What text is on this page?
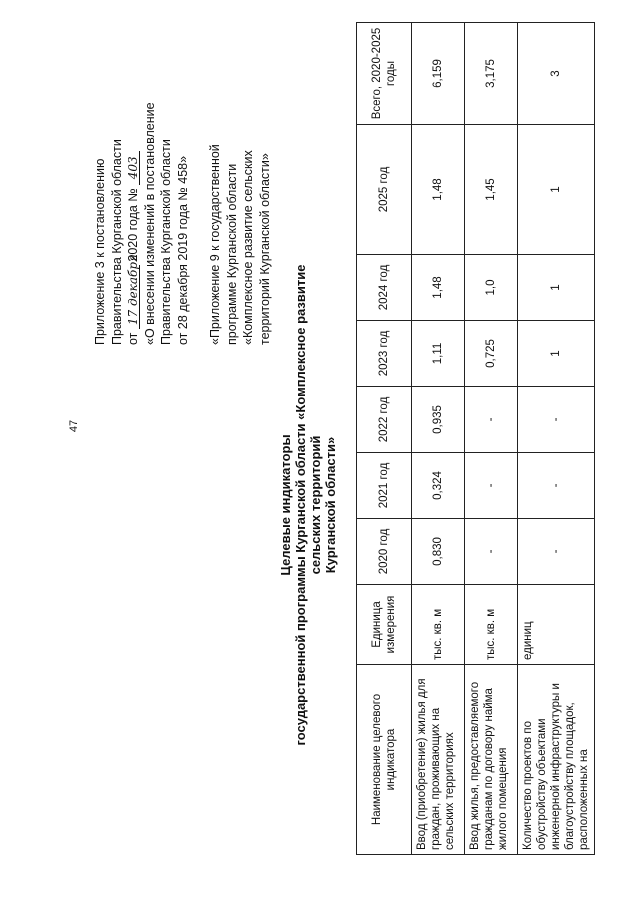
47
Приложение 3 к постановлению Правительства Курганской области от 17 декабря 2020 года № 403 «О внесении изменений в постановление Правительства Курганской области от 28 декабря 2019 года № 458» «Приложение 9 к государственной программе Курганской области «Комплексное развитие сельских территорий Курганской области»
Целевые индикаторы государственной программы Курганской области «Комплексное развитие сельских территорий Курганской области»
Наименование целевого индикатора	Единица измерения	2020 год	2021 год	2022 год	2023 год	2024 год	2025 год	Всего, 2020-2025 годы
Ввод (приобретение) жилья для граждан, проживающих на сельских территориях	тыс. кв. м	0,830	0,324	0,935	1,11	1,48	1,48	6,159
Ввод жилья, предоставляемого гражданам по договору найма жилого помещения	тыс. кв. м	-	-	-	0,725	1,0	1,45	3,175
Количество проектов по обустройству объектами инженерной инфраструктуры и благоустройству площадок, расположенных на	единиц	-	-	-	1	1	1	3
